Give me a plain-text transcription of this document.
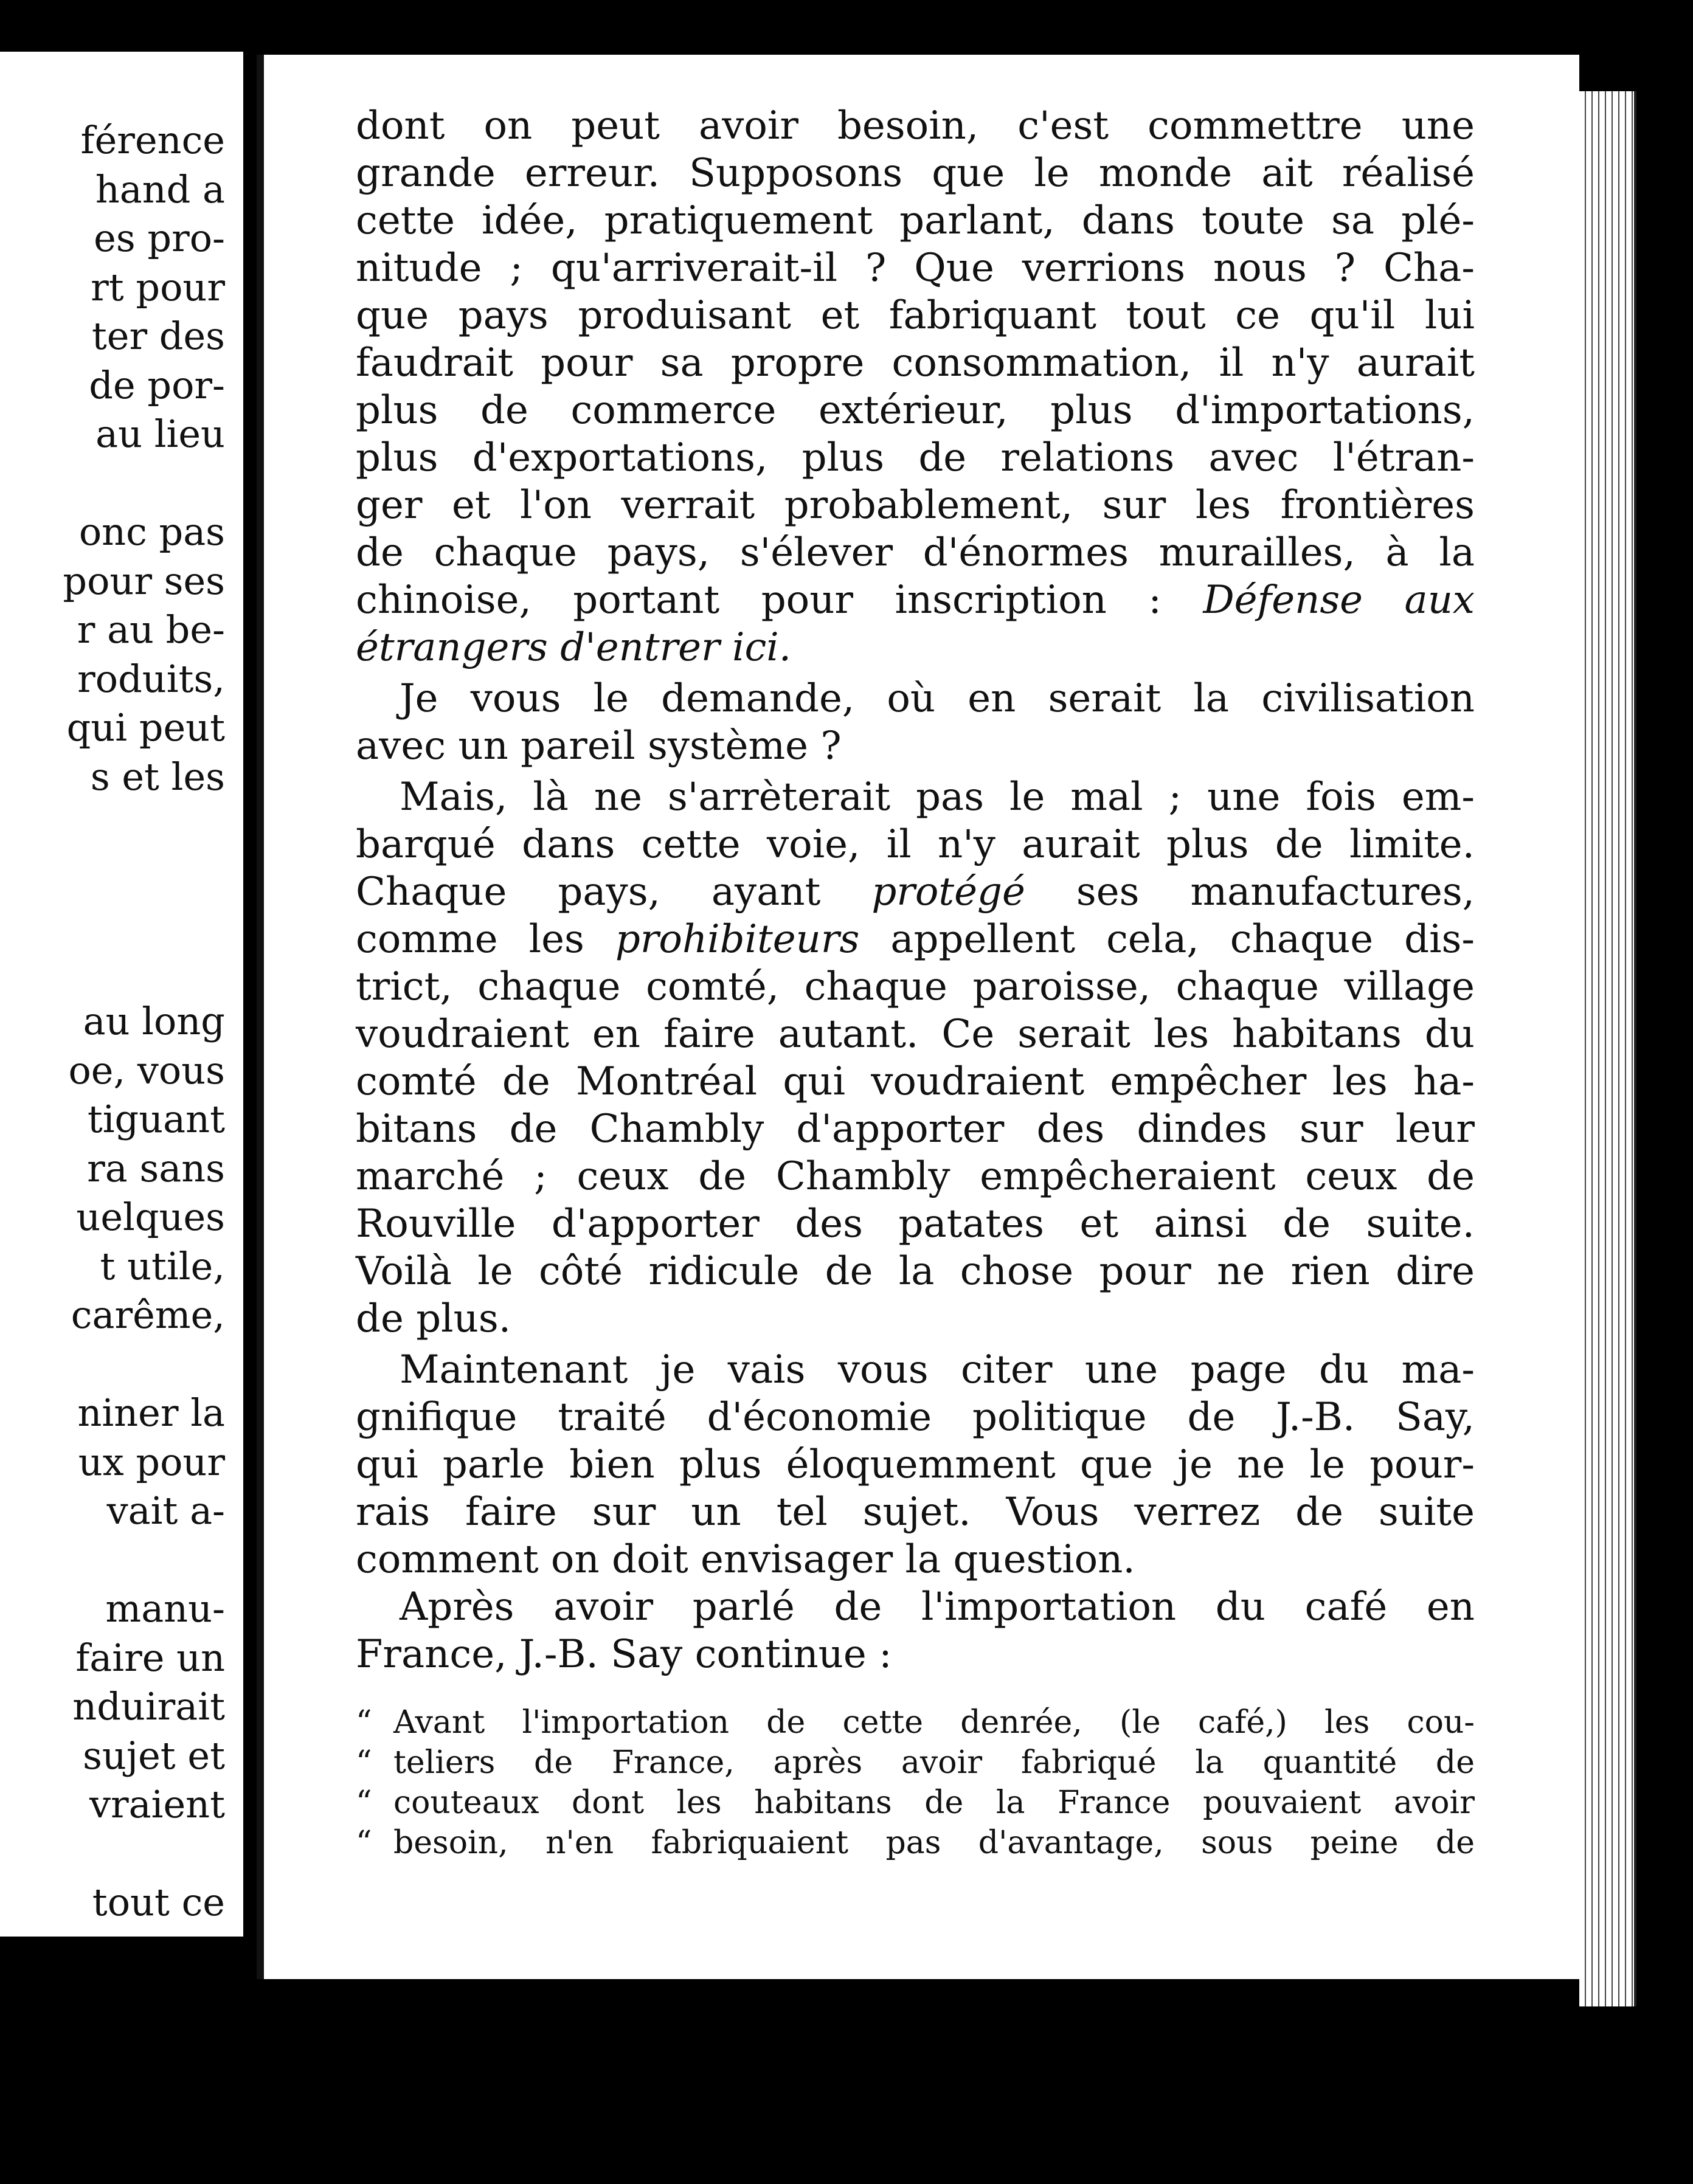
férence
hand a
es pro-
rt pour
ter des
de por-
au lieu
onc pas
pour ses
r au be-
roduits,
qui peut
s et les
au long
oe, vous
tiguant
ra sans
uelques
t utile,
carême,
niner la
ux pour
vait a-
manu-
faire un
nduirait
sujet et
vraient
tout ce
dont on peut avoir besoin, c'est commettre une
grande erreur. Supposons que le monde ait réalisé
cette idée, pratiquement parlant, dans toute sa plé-
nitude ; qu'arriverait-il ? Que verrions nous ? Cha-
que pays produisant et fabriquant tout ce qu'il lui
faudrait pour sa propre consommation, il n'y aurait
plus de commerce extérieur, plus d'importations,
plus d'exportations, plus de relations avec l'étran-
ger et l'on verrait probablement, sur les frontières
de chaque pays, s'élever d'énormes murailles, à la
chinoise, portant pour inscription : Défense aux
étrangers d'entrer ici.
Je vous le demande, où en serait la civilisation
avec un pareil système ?
Mais, là ne s'arrèterait pas le mal ; une fois em-
barqué dans cette voie, il n'y aurait plus de limite.
Chaque pays, ayant protégé ses manufactures,
comme les prohibiteurs appellent cela, chaque dis-
trict, chaque comté, chaque paroisse, chaque village
voudraient en faire autant. Ce serait les habitans du
comté de Montréal qui voudraient empêcher les ha-
bitans de Chambly d'apporter des dindes sur leur
marché ; ceux de Chambly empêcheraient ceux de
Rouville d'apporter des patates et ainsi de suite.
Voilà le côté ridicule de la chose pour ne rien dire
de plus.
Maintenant je vais vous citer une page du ma-
gnifique traité d'économie politique de J.-B. Say,
qui parle bien plus éloquemment que je ne le pour-
rais faire sur un tel sujet. Vous verrez de suite
comment on doit envisager la question.
Après avoir parlé de l'importation du café en
France, J.-B. Say continue :
“ Avant l'importation de cette denrée, (le café,) les cou-
“ teliers de France, après avoir fabriqué la quantité de
“ couteaux dont les habitans de la France pouvaient avoir
“ besoin, n'en fabriquaient pas d'avantage, sous peine de
